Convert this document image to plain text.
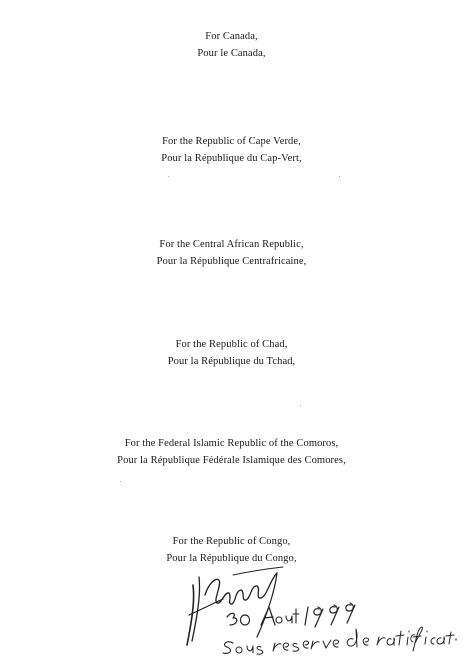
For Canada,
Pour le Canada,
For the Republic of Cape Verde,
Pour la République du Cap-Vert,
For the Central African Republic,
Pour la République Centrafricaine,
For the Republic of Chad,
Pour la République du Tchad,
For the Federal Islamic Republic of the Comoros,
Pour la République Fédérale Islamique des Comores,
For the Republic of Congo,
Pour la République du Congo,
